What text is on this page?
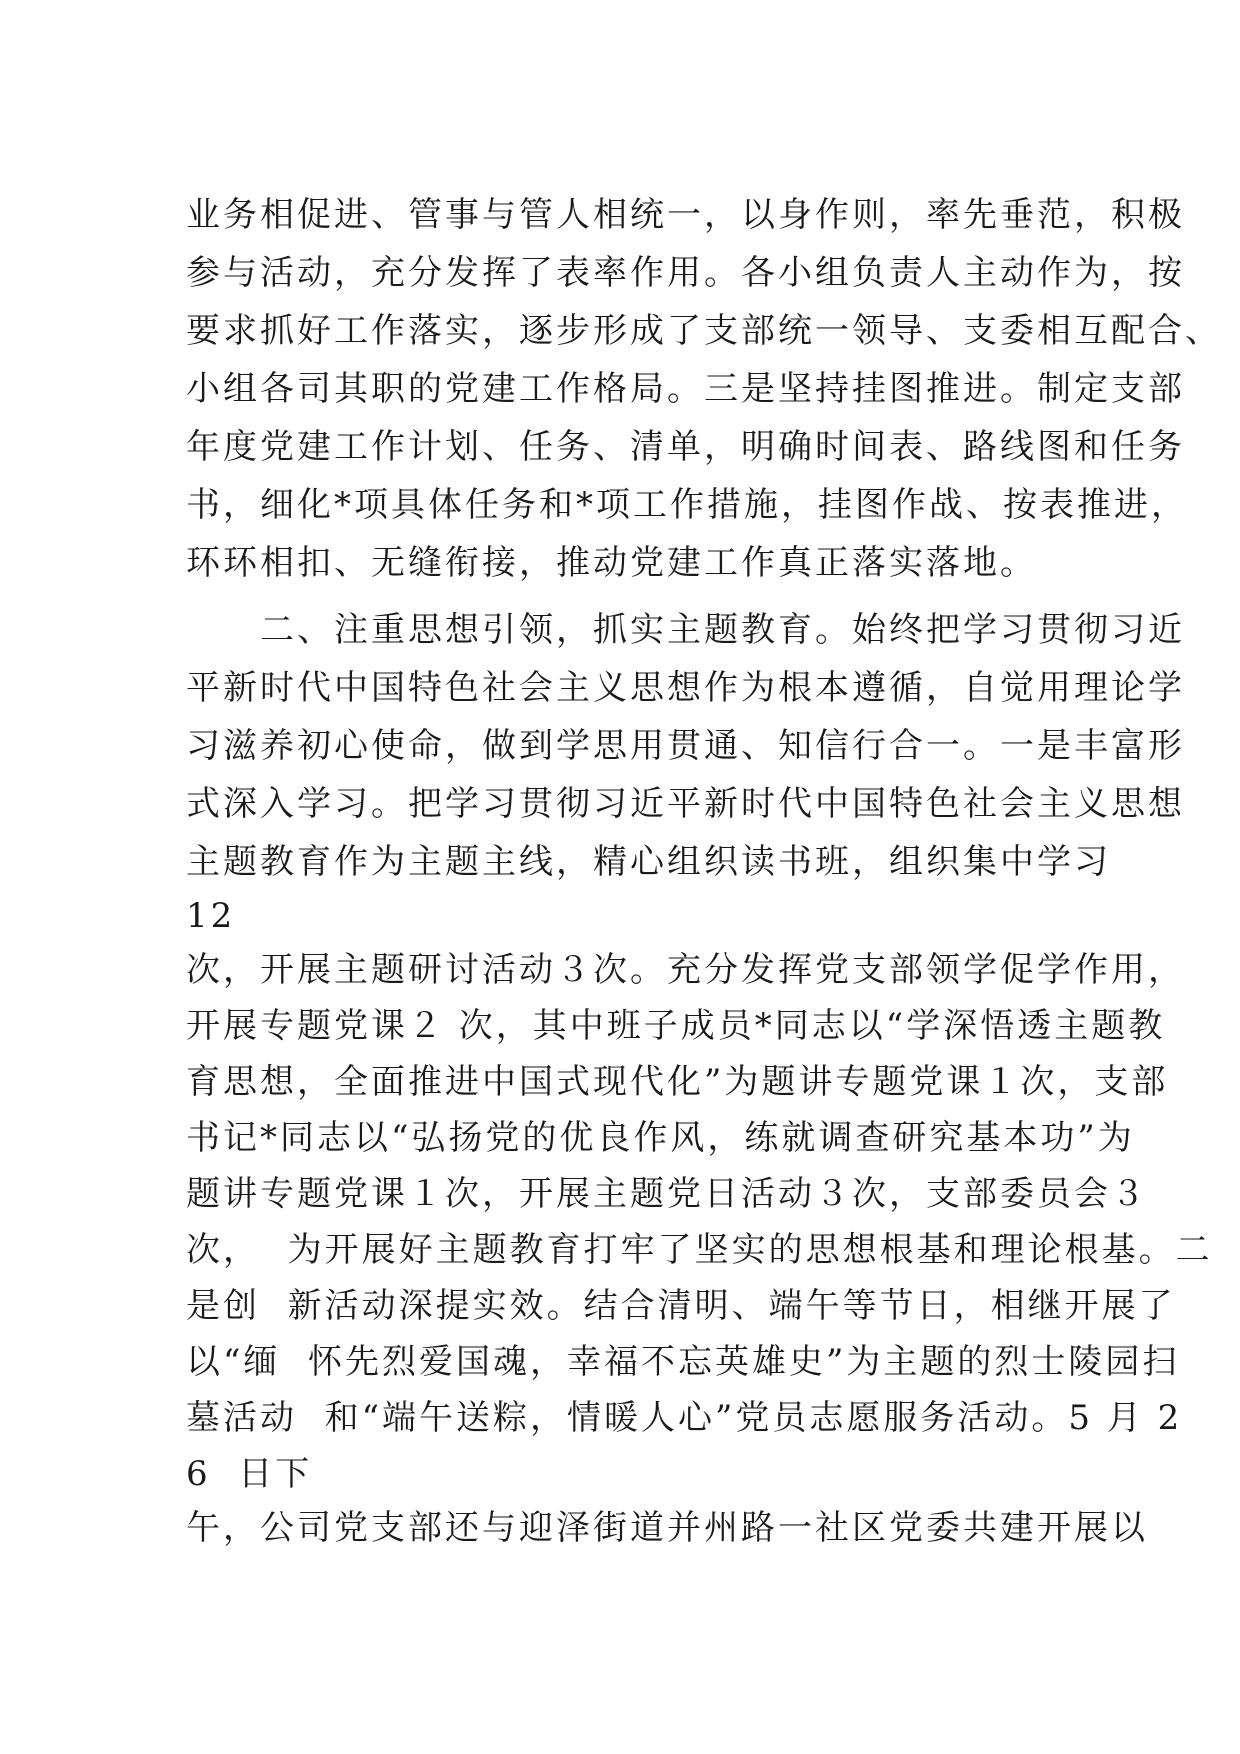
业务相促进、管事与管人相统一，以身作则，率先垂范，积极
参与活动，充分发挥了表率作用。各小组负责人主动作为，按
要求抓好工作落实，逐步形成了支部统一领导、支委相互配合、
小组各司其职的党建工作格局。三是坚持挂图推进。制定支部
年度党建工作计划、任务、清单，明确时间表、路线图和任务
书，细化*项具体任务和*项工作措施，挂图作战、按表推进，
环环相扣、无缝衔接，推动党建工作真正落实落地。
　　二、注重思想引领，抓实主题教育。始终把学习贯彻习近
平新时代中国特色社会主义思想作为根本遵循，自觉用理论学
习滋养初心使命，做到学思用贯通、知信行合一。一是丰富形
式深入学习。把学习贯彻习近平新时代中国特色社会主义思想
主题教育作为主题主线，精心组织读书班，组织集中学习
12
次，开展主题研讨活动３次。充分发挥党支部领学促学作用，
开展专题党课２ 次，其中班子成员*同志以“学深悟透主题教
育思想，全面推进中国式现代化”为题讲专题党课１次，支部
书记*同志以“弘扬党的优良作风，练就调查研究基本功”为
题讲专题党课１次，开展主题党日活动３次，支部委员会３
次，  为开展好主题教育打牢了坚实的思想根基和理论根基。二
是创  新活动深提实效。结合清明、端午等节日，相继开展了
以“缅  怀先烈爱国魂，幸福不忘英雄史”为主题的烈士陵园扫
墓活动  和“端午送粽，情暖人心”党员志愿服务活动。5 月 2
6  日下
午，公司党支部还与迎泽街道并州路一社区党委共建开展以
